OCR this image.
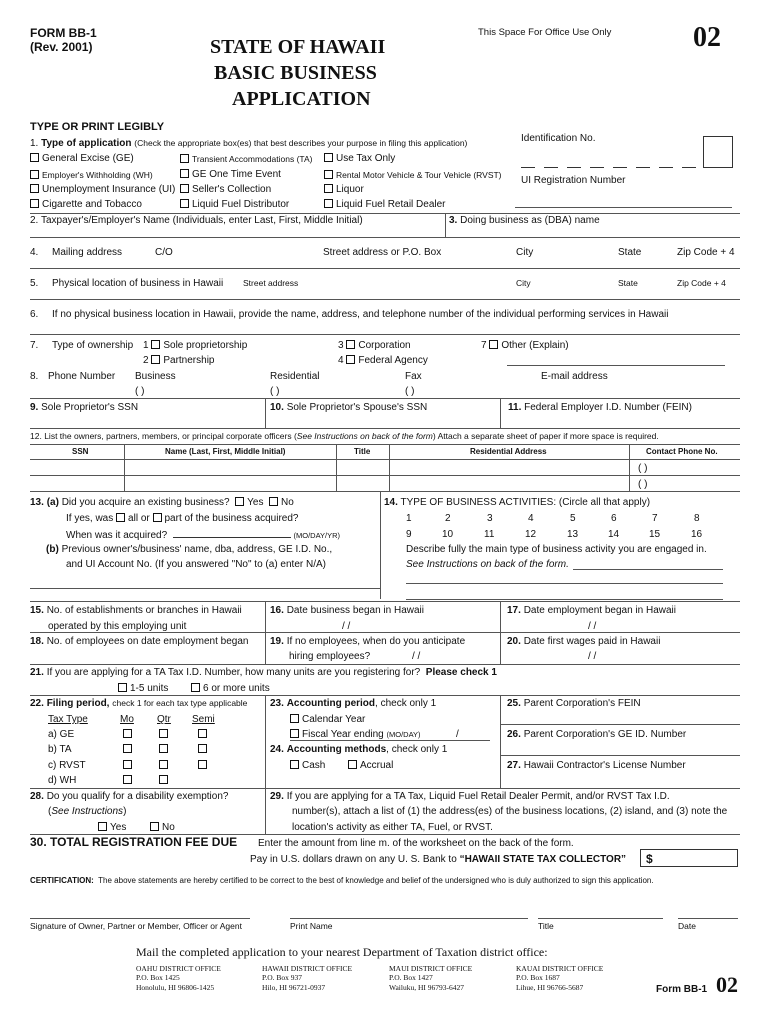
FORM BB-1
(Rev. 2001)	STATE OF HAWAII
BASIC BUSINESS
APPLICATION
This Space For Office Use Only	02
TYPE OR PRINT LEGIBLY
Identification No.
UI Registration Number
1. Type of application (Check the appropriate box(es) that best describes your purpose in filing this application)
General Excise (GE)	Transient Accommodations (TA)	Use Tax Only
Employer's Withholding (WH)	GE One Time Event	Rental Motor Vehicle & Tour Vehicle (RVST)
Unemployment Insurance (UI)	Seller's Collection	Liquor
Cigarette and Tobacco	Liquid Fuel Distributor	Liquid Fuel Retail Dealer
2. Taxpayer's/Employer's Name (Individuals, enter Last, First, Middle Initial)	3. Doing business as (DBA) name
4. Mailing address	C/O	Street address or P.O. Box	City	State	Zip Code + 4
5. Physical location of business in Hawaii Street address	City	State	Zip Code + 4
6. If no physical business location in Hawaii, provide the name, address, and telephone number of the individual performing services in Hawaii
7. Type of ownership 1 Sole proprietorship
2 Partnership
3 Corporation
4 Federal Agency
7 Other (Explain)
8. Phone Number Business	Residential	Fax	E-mail address
( )	( )	( )
9. Sole Proprietor's SSN	10. Sole Proprietor's Spouse's SSN	11. Federal Employer I.D. Number (FEIN)
12. List the owners, partners, members, or principal corporate officers (See Instructions on back of the form) Attach a separate sheet of paper if more space is required.
SSN	Name (Last, First, Middle Initial)	Title	Residential Address	Contact Phone No.
( )
( )
13. (a) Did you acquire an existing business? Yes No
If yes, was all or part of the business acquired?
When was it acquired?	(MO/DAY/YR)
(b) Previous owner's/business' name, dba, address, GE I.D. No.,
and UI Account No. (If you answered "No" to (a) enter N/A)
14. TYPE OF BUSINESS ACTIVITIES: (Circle all that apply)
1	2	3	4	5	6	7	8
9	10	11	12	13	14	15	16
Describe fully the main type of business activity you are engaged in.
See Instructions on back of the form.
15. No. of establishments or branches in Hawaii
operated by this employing unit
16. Date business began in Hawaii
/ /
17. Date employment began in Hawaii
/ /
18. No. of employees on date employment began 19. If no employees, when do you anticipate
hiring employees?	/ /
20. Date first wages paid in Hawaii
/ /
21. If you are applying for a TA Tax I.D. Number, how many units are you registering for? Please check 1
1-5 units	6 or more units
22. Filing period, check 1 for each tax type applicable
Tax Type	Mo Qtr Semi
a) GE
b) TA
c) RVST
d) WH
23. Accounting period, check only 1
Calendar Year
Fiscal Year ending (MO/DAY)	/
24. Accounting methods, check only 1
Cash	Accrual
25. Parent Corporation's FEIN
26. Parent Corporation's GE ID. Number
27. Hawaii Contractor's License Number
28. Do you qualify for a disability exemption?
(See Instructions)
Yes	No
29. If you are applying for a TA Tax, Liquid Fuel Retail Dealer Permit, and/or RVST Tax I.D.
number(s), attach a list of (1) the address(es) of the business locations, (2) island, and (3) note the
location's activity as either TA, Fuel, or RVST.
30. TOTAL REGISTRATION FEE DUE Enter the amount from line m. of the worksheet on the back of the form.
Pay in U.S. dollars drawn on any U. S. Bank to “HAWAII STATE TAX COLLECTOR”	$
CERTIFICATION: The above statements are hereby certified to be correct to the best of knowledge and belief of the undersigned who is duly authorized to sign this application.
Signature of Owner, Partner or Member, Officer or Agent	Print Name	Title	Date
Mail the completed application to your nearest Department of Taxation district office:
OAHU DISTRICT OFFICE
P.O. Box 1425
Honolulu, HI 96806-1425
HAWAII DISTRICT OFFICE
P.O. Box 937
Hilo, HI 96721-0937
MAUI DISTRICT OFFICE
P.O. Box 1427
Wailuku, HI 96793-6427
KAUAI DISTRICT OFFICE
P.O. Box 1687
Lihue, HI 96766-5687	Form BB-1 02
